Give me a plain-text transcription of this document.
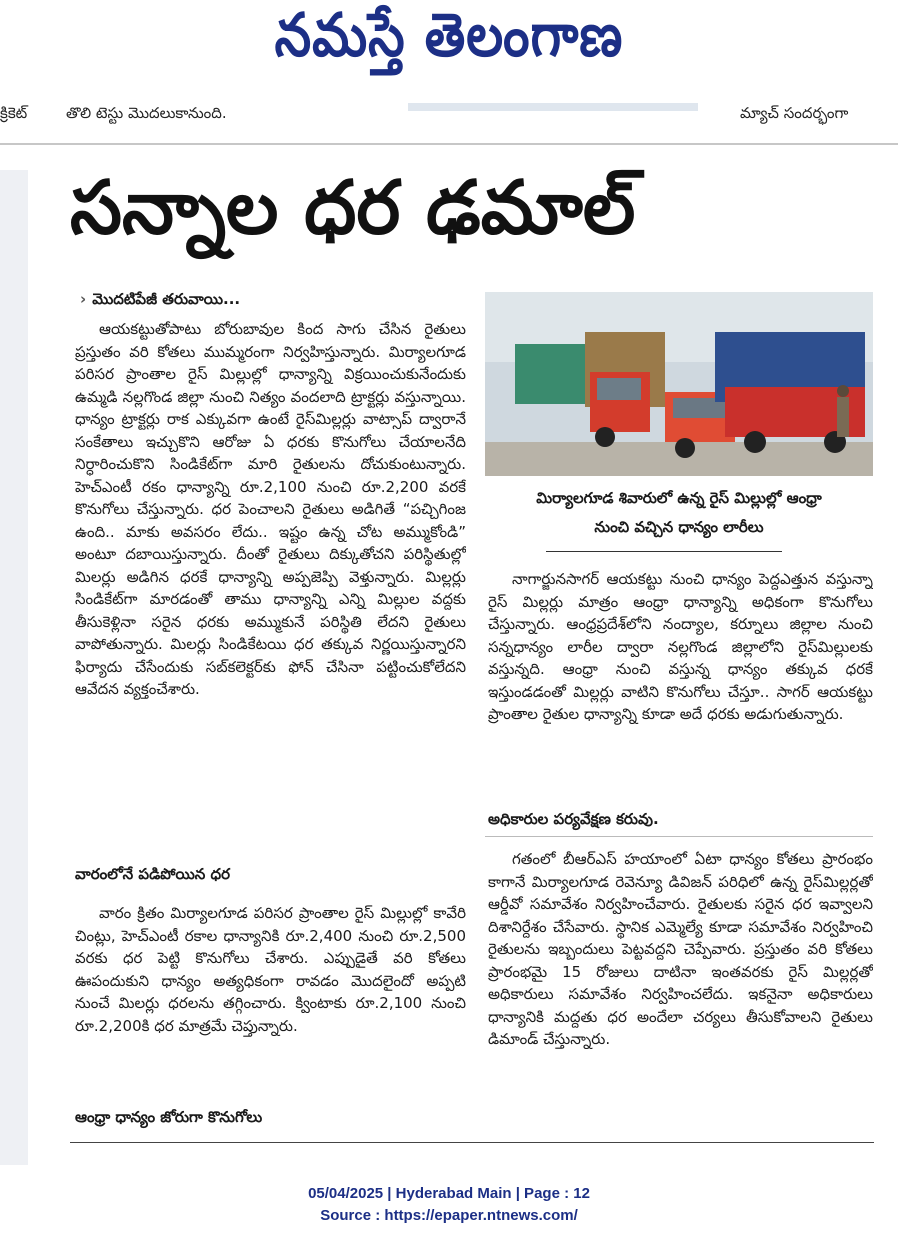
నమస్తే తెలంగాణ
క్రికెట్	తొలి టెస్టు మొదలుకానుంది.	మ్యాచ్ సందర్భంగా
సన్నాల ధర ఢమాల్
› మొదటిపేజీ తరువాయి...

ఆయకట్టుతోపాటు బోరుబావుల కింద సాగు చేసిన రైతులు ప్రస్తుతం వరి కోతలు ముమ్మరంగా నిర్వహిస్తున్నారు. మిర్యాలగూడ పరిసర ప్రాంతాల రైస్ మిల్లుల్లో ధాన్యాన్ని విక్రయించుకునేందుకు ఉమ్మడి నల్లగొండ జిల్లా నుంచి నిత్యం వందలాది ట్రాక్టర్లు వస్తున్నాయి. ధాన్యం ట్రాక్టర్లు రాక ఎక్కువగా ఉంటే రైస్‌మిల్లర్లు వాట్సాప్ ద్వారానే సంకేతాలు ఇచ్చుకొని ఆరోజు ఏ ధరకు కొనుగోలు చేయాలనేది నిర్ధారించుకొని సిండికేట్‌గా మారి రైతులను దోచుకుంటున్నారు. హెచ్‌ఎంటీ రకం ధాన్యాన్ని రూ.2,100 నుంచి రూ.2,200 వరకే కొనుగోలు చేస్తున్నారు. ధర పెంచాలని రైతులు అడిగితే “పచ్చిగింజ ఉంది.. మాకు అవసరం లేదు.. ఇష్టం ఉన్న చోట అమ్ముకోండి” అంటూ దబాయిస్తున్నారు. దీంతో రైతులు దిక్కుతోచని పరిస్థితుల్లో మిలర్లు అడిగిన ధరకే ధాన్యాన్ని అప్పజెప్పి వెళ్తున్నారు. మిల్లర్లు సిండికేట్‌గా మారడంతో తాము ధాన్యాన్ని ఎన్ని మిల్లుల వద్దకు తీసుకెళ్లినా సరైన ధరకు అమ్ముకునే పరిస్థితి లేదని రైతులు వాపోతున్నారు. మిలర్లు సిండికేటయి ధర తక్కువ నిర్ణయిస్తున్నారని ఫిర్యాదు చేసేందుకు సబ్‌కలెక్టర్‌కు ఫోన్ చేసినా పట్టించుకోలేదని ఆవేదన వ్యక్తంచేశారు.

వారంలోనే పడిపోయిన ధర

వారం క్రితం మిర్యాలగూడ పరిసర ప్రాంతాల రైస్ మిల్లుల్లో కావేరి చింట్లు, హెచ్‌ఎంటీ రకాల ధాన్యానికి రూ.2,400 నుంచి రూ.2,500 వరకు ధర పెట్టి కొనుగోలు చేశారు. ఎప్పుడైతే వరి కోతలు ఊపందుకుని ధాన్యం అత్యధికంగా రావడం మొదలైందో అప్పటి నుంచే మిలర్లు ధరలను తగ్గించారు. క్వింటాకు రూ.2,100 నుంచి రూ.2,200కి ధర మాత్రమే చెప్తున్నారు.

ఆంధ్రా ధాన్యం జోరుగా కొనుగోలు
మిర్యాలగూడ శివారులో ఉన్న రైస్ మిల్లుల్లో ఆంధ్రా
నుంచి వచ్చిన ధాన్యం లారీలు

నాగార్జునసాగర్ ఆయకట్టు నుంచి ధాన్యం పెద్దఎత్తున వస్తున్నా రైస్ మిల్లర్లు మాత్రం ఆంధ్రా ధాన్యాన్ని అధికంగా కొనుగోలు చేస్తున్నారు. ఆంధ్రప్రదేశ్‌లోని నంద్యాల, కర్నూలు జిల్లాల నుంచి సన్నధాన్యం లారీల ద్వారా నల్లగొండ జిల్లాలోని రైస్‌మిల్లులకు వస్తున్నది. ఆంధ్రా నుంచి వస్తున్న ధాన్యం తక్కువ ధరకే ఇస్తుండడంతో మిల్లర్లు వాటిని కొనుగోలు చేస్తూ.. సాగర్ ఆయకట్టు ప్రాంతాల రైతుల ధాన్యాన్ని కూడా అదే ధరకు అడుగుతున్నారు.

అధికారుల పర్యవేక్షణ కరువు.

గతంలో బీఆర్‌ఎస్ హయాంలో ఏటా ధాన్యం కోతలు ప్రారంభం కాగానే మిర్యాలగూడ రెవెన్యూ డివిజన్ పరిధిలో ఉన్న రైస్‌మిల్లర్లతో ఆర్డీవో సమావేశం నిర్వహించేవారు. రైతులకు సరైన ధర ఇవ్వాలని దిశానిర్దేశం చేసేవారు. స్థానిక ఎమ్మెల్యే కూడా సమావేశం నిర్వహించి రైతులను ఇబ్బందులు పెట్టవద్దని చెప్పేవారు. ప్రస్తుతం వరి కోతలు ప్రారంభమై 15 రోజులు దాటినా ఇంతవరకు రైస్ మిల్లర్లతో అధికారులు సమావేశం నిర్వహించలేదు. ఇకనైనా అధికారులు ధాన్యానికి మద్దతు ధర అందేలా చర్యలు తీసుకోవాలని రైతులు డిమాండ్ చేస్తున్నారు.

05/04/2025 | Hyderabad Main | Page : 12
Source : https://epaper.ntnews.com/
